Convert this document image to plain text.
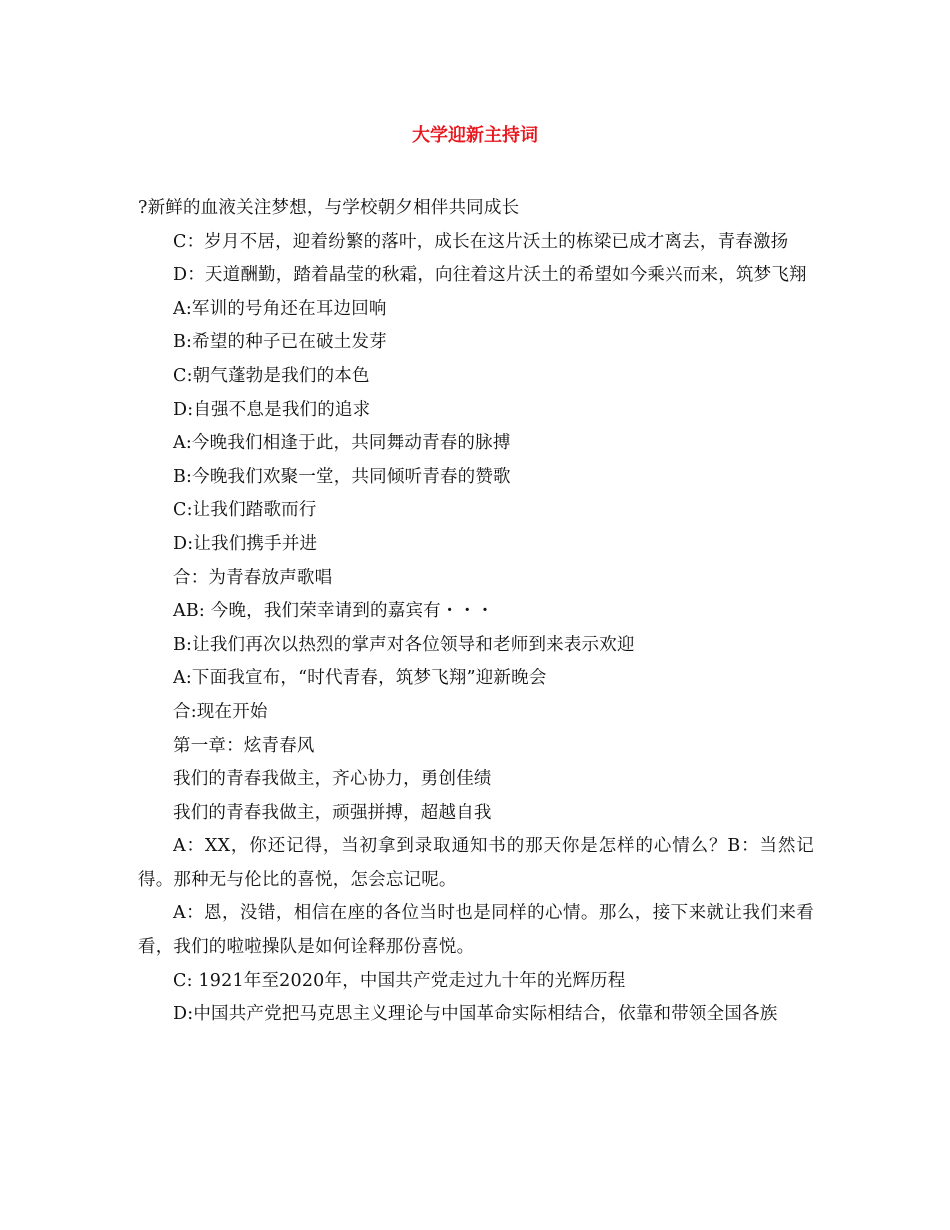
大学迎新主持词

?新鲜的血液关注梦想，与学校朝夕相伴共同成长

C：岁月不居，迎着纷繁的落叶，成长在这片沃土的栋梁已成才离去，青春激扬

D：天道酬勤，踏着晶莹的秋霜，向往着这片沃土的希望如今乘兴而来，筑梦飞翔

A:军训的号角还在耳边回响

B:希望的种子已在破土发芽

C:朝气蓬勃是我们的本色

D:自强不息是我们的追求

A:今晚我们相逢于此，共同舞动青春的脉搏

B:今晚我们欢聚一堂，共同倾听青春的赞歌

C:让我们踏歌而行

D:让我们携手并进

合：为青春放声歌唱

AB: 今晚，我们荣幸请到的嘉宾有・・・

B:让我们再次以热烈的掌声对各位领导和老师到来表示欢迎

A:下面我宣布，“时代青春，筑梦飞翔”迎新晚会

合:现在开始

第一章：炫青春风

我们的青春我做主，齐心协力，勇创佳绩

我们的青春我做主，顽强拼搏，超越自我

A：XX，你还记得，当初拿到录取通知书的那天你是怎样的心情么？B：当然记得。那种无与伦比的喜悦，怎会忘记呢。

A：恩，没错，相信在座的各位当时也是同样的心情。那么，接下来就让我们来看看，我们的啦啦操队是如何诠释那份喜悦。

C: 1921年至2020年，中国共产党走过九十年的光辉历程

D:中国共产党把马克思主义理论与中国革命实际相结合，依靠和带领全国各族
